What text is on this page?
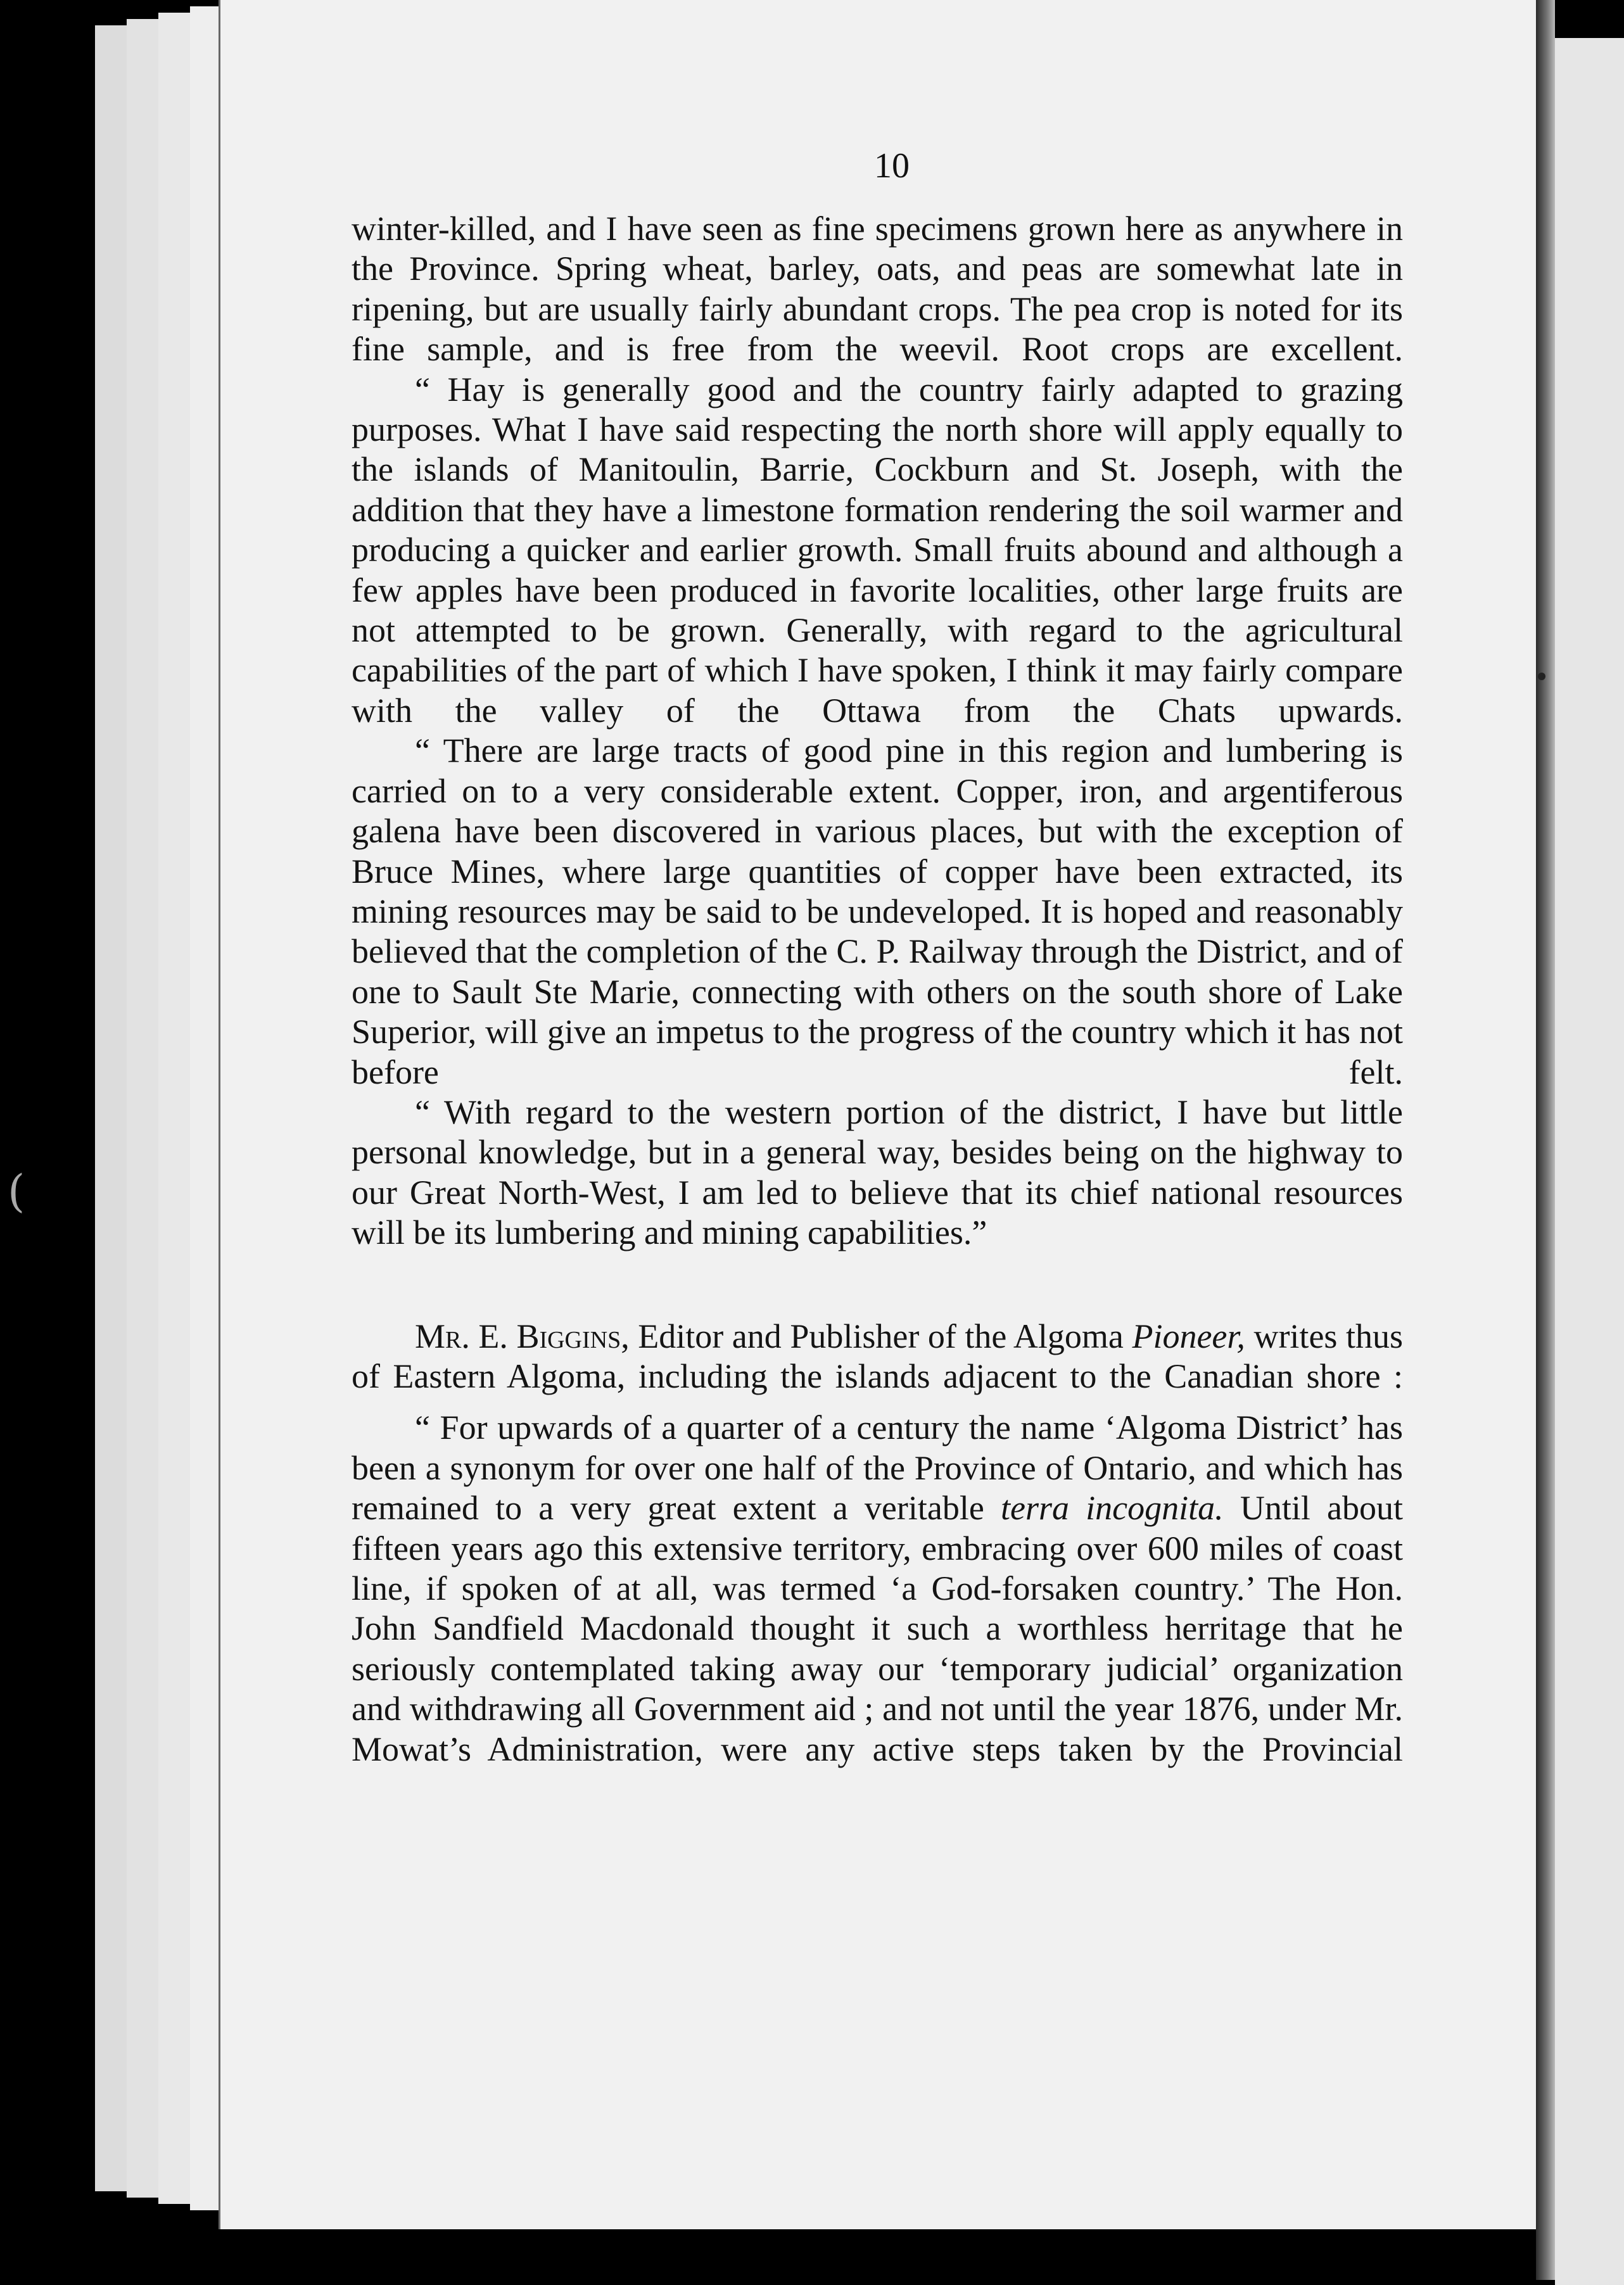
(
10

winter-killed, and I have seen as fine specimens grown here as anywhere in the Province. Spring wheat, barley, oats, and peas are somewhat late in ripening, but are usually fairly abundant crops. The pea crop is noted for its fine sample, and is free from the weevil. Root crops are excellent.

“ Hay is generally good and the country fairly adapted to grazing purposes. What I have said respecting the north shore will apply equally to the islands of Manitoulin, Barrie, Cockburn and St. Joseph, with the addition that they have a limestone formation rendering the soil warmer and producing a quicker and earlier growth. Small fruits abound and although a few apples have been produced in favorite localities, other large fruits are not attempted to be grown. Generally, with regard to the agricultural capabilities of the part of which I have spoken, I think it may fairly compare with the valley of the Ottawa from the Chats upwards.

“ There are large tracts of good pine in this region and lumbering is carried on to a very considerable extent. Copper, iron, and argentiferous galena have been discovered in various places, but with the exception of Bruce Mines, where large quantities of copper have been extracted, its mining resources may be said to be undeveloped. It is hoped and reasonably believed that the completion of the C. P. Railway through the District, and of one to Sault Ste Marie, connecting with others on the south shore of Lake Superior, will give an impetus to the progress of the country which it has not before felt.

“ With regard to the western portion of the district, I have but little personal knowledge, but in a general way, besides being on the highway to our Great North-West, I am led to believe that its chief national resources will be its lumbering and mining capabilities.”

Mr. E. Biggins, Editor and Publisher of the Algoma Pioneer, writes thus of Eastern Algoma, including the islands adjacent to the Canadian shore :

“ For upwards of a quarter of a century the name ‘Algoma District’ has been a synonym for over one half of the Province of Ontario, and which has remained to a very great extent a veritable terra incognita. Until about fifteen years ago this extensive territory, embracing over 600 miles of coast line, if spoken of at all, was termed ‘a God-forsaken country.’ The Hon. John Sandfield Macdonald thought it such a worthless herritage that he seriously contemplated taking away our ‘temporary judicial’ organization and withdrawing all Government aid ; and not until the year 1876, under Mr. Mowat’s Administration, were any active steps taken by the Provincial
